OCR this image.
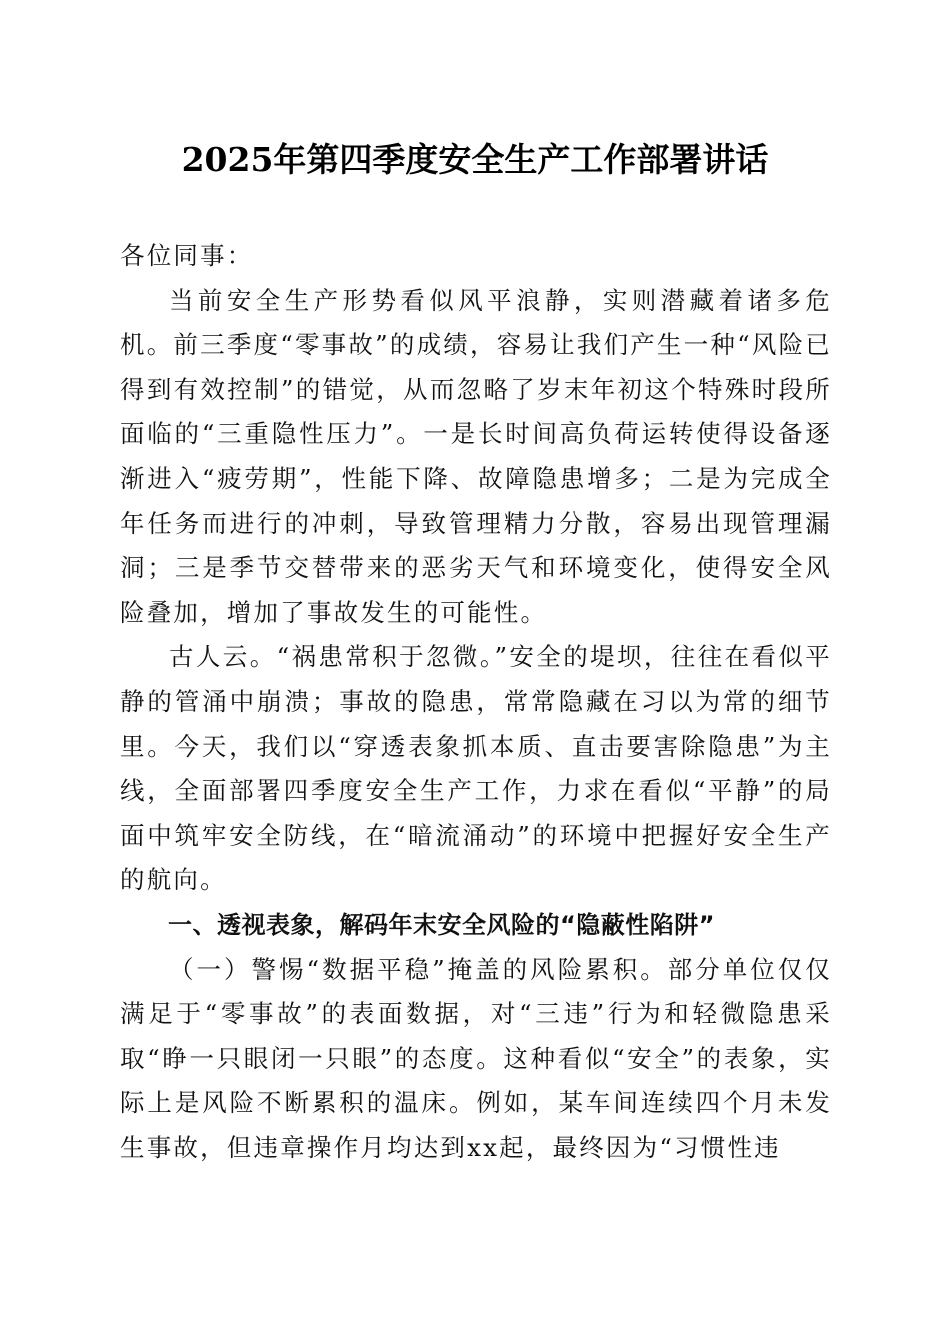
2025年第四季度安全生产工作部署讲话

各位同事：

当前安全生产形势看似风平浪静，实则潜藏着诸多危机。前三季度“零事故”的成绩，容易让我们产生一种“风险已得到有效控制”的错觉，从而忽略了岁末年初这个特殊时段所面临的“三重隐性压力”。一是长时间高负荷运转使得设备逐渐进入“疲劳期”，性能下降、故障隐患增多；二是为完成全年任务而进行的冲刺，导致管理精力分散，容易出现管理漏洞；三是季节交替带来的恶劣天气和环境变化，使得安全风险叠加，增加了事故发生的可能性。

古人云。“祸患常积于忽微。”安全的堤坝，往往在看似平静的管涌中崩溃；事故的隐患，常常隐藏在习以为常的细节里。今天，我们以“穿透表象抓本质、直击要害除隐患”为主线，全面部署四季度安全生产工作，力求在看似“平静”的局面中筑牢安全防线，在“暗流涌动”的环境中把握好安全生产的航向。

一、透视表象，解码年末安全风险的“隐蔽性陷阱”

（一）警惕“数据平稳”掩盖的风险累积。部分单位仅仅满足于“零事故”的表面数据，对“三违”行为和轻微隐患采取“睁一只眼闭一只眼”的态度。这种看似“安全”的表象，实际上是风险不断累积的温床。例如，某车间连续四个月未发生事故，但违章操作月均达到xx起，最终因为“习惯性违
